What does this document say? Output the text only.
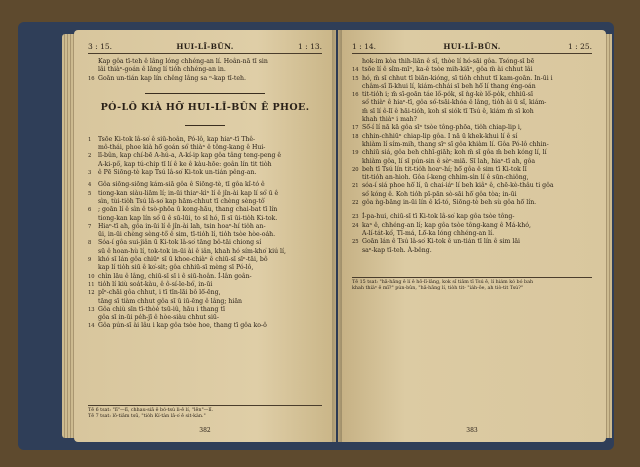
3 : 15.	HUI-LĪ-BÛN.	1 : 13.
Kap gôa tī-teh ê lâng lóng chhéng-an lí. Hoân-nā tī sin
lâi thiàⁿ-goán ê lâng lí tio̍h chhéng-an in.
16 Goān un-tián kap lín chêng lâng sa ⁿ-kap tī-teh.
PÓ-LÔ KIÀ HŌ͘ HUI-LĪ-BÛN Ê PHOE.
1 Tsōe Ki-tok lâ-so͘ ê siū-hoân, Pó-lô, kap hiaⁿ-tī Thê-
mô-thái, phoe kià hō͘ goán só͘ thiàⁿ ê tông-kang ê Hui-
2 lī-bûn, kap chí-bē A-hú-a, A-kí-ip kap gôa tâng teng-peng ê
A-ki-pô͘, kap tú-chip tī lí ê ke ê kàu-hōe: goân lín tit tiòh
3 ê Pē Siōng-tè kap Tsú lâ-so͘ Ki-tok un-tián pêng-an.
4 Gôa siōng-siōng kám-siā gôa ê Siōng-tè, tī gôa kî-tó ê
5 tiong-kan siàu-liām lí; in-ūi thiaⁿ-kìⁿ lí ê jîn-ài kap lí só͘ ū ê
sìn, tùi-tio̍h Tsú lâ-so͘ kap hām-chhut tī chèng sèng-tô͘
6 ; goān lí ê sìn ê tsò-phōa ū kong-hāu, thang chai-bat tī lín
tiong-kan kap lín só͘ ū ê sū-lūi, to sī hó, lī sī ūi-tio̍h Ki-tok.
7 Hiaⁿ-tī ah, gôa in-ūi lí ê jîn-ài lah, tsin hoaⁿ-hí tio̍h an-
ūi, in-ūi chèng sèng-tô͘ ê sim, tī-tio̍h lí, tio̍h tsòe hòe-oa̍h.
8 Sóa-í gôa sui-jiân ū Ki-tok lâ-so͘ tāng bô-tāi chiong sí
sū ê hoan-hù lí, tok-tok in-ūi ài ê iân, khah hó sím-kho͘ kiú lí,
9 khó sī lán gôa chiūⁿ sī ū khoe-chiàⁿ ê chiū-sī sīⁿ-tāi, bô
kap lí tio̍h siū ê ko͘-sit; gôa chhiū-sī mèng sī Pó-lô,
10 chìn lāu ê lâng, chiū-sī sī i ê siū-hoân. Í-lân goân-
11 tio̍h lí kiù soa̍t-kàu, ê ô-sí-le-bó͘, in-ūi
12 pîⁿ-chāi gôa chhut, i tī tīn-lāi bô lō͘-ēng,
tāng sī tiàm chhut gôa sī ū iū-ēng ê lâng; hiān
13 Gôa chiù sīn tī-thòe̍ tsū-iû, hāu i thang tī
gôa sī in-ūi pe̍h-jī ê hòe-siàu chhut siū-
14 Gôa pún-sī ài lâu i kap gôa tsòe hoe, thang tī gôa ko-ô
Tē 6 tsat: "lī"—lī, chhau-siā ê bó-tsú li-ê lí, "lēn"—lī.
Tē 7 tsat: lō-tiâm tsū, "tiòh Kí-tàn lâ-o͘ ê sit-kàn."
382
1 : 14.	HUI-LĪ-BÛN.	1 : 25.
hok-im kòa thih-liān ê sî, thòe lí hó-sāi gôa. Tsóng-sī bē
14 tsōe lí ê sîm-mīⁿ, ka-ê tsòe mih-kiāⁿ, gôa m̄ ài chhut lâi
15 hó, m̄ sī chhut tī biān-kióng, sī tio̍h chhut tī kam-goān. In-ūi i
châm-sî lī-khui lí, kiám-chhái sī beh hō͘ lí thang éng-oán
16 tit-tio̍h i; m̄ sī-goān táe lô͘-po̍k, sī ǹg-kè lô͘-po̍k, chhiū-sī
só͘ thiàⁿ ê hiaⁿ-tī, gôa só͘-tsāi-khóa ê lâng, tio̍h ài ū sî, kiám-
m̄ sī lí ê-lī ê hāi-tio̍h, koh sī siók tī Tsú ê, kiám m̄ sī koh
khah thiàⁿ i mah?
17 Sō͘-í lí nā kā gôa sīⁿ tsòe tông-phōa, tio̍h chiap-lip i,
18 chhin-chhiūⁿ chiap-lip gôa. I nā ū khek-khui lí ê sí
khiàm lí sím-mih, thang sīⁿ sī gôa khiàm lí. Gôa Pó-lô chhin-
19 chhiū siá, gôa beh chhī-giāh; koh m̄ sī gôa m̄ beh kóng lí, lí
khiàm gôa, lí sī pún-sin ê sèⁿ-miā. Sī lah, hiaⁿ-tī ah, gôa
20 beh tī Tsú lín tit-tio̍h hoaⁿ-hí; hō͘ gôa ê sim tī Ki-tok lī
tit-tio̍h an-hioh. Gôa í-keng chhim-sìn lí ê sūn-chiông,
21 sóa-í siá phoe hō͘ lí, ū chai-iáⁿ lí beh kiâⁿ ê, chē-kè-thâu ti gôa
só͘ kóng ê. Koh tio̍h pī-pān sò-sāi hō͘ gôa tòa; in-ūi
22 gôa ǹg-bāng in-ūi lín ê kî-tó, Siōng-tè beh sù gôa hō͘ lín.
23 Í-pa-hui, chiū-sī tī Ki-tok lâ-so͘ kap gôa tsòe tông-
24 kaⁿ ê, chhéng-an lí; kap gôa tsòe tông-kang ê Má-khó,
A-lí-tát-kó͘, Tī-má, Lō͘-ka lóng chhéng-an lí.
25 Goān lán ê Tsú lâ-so͘ Ki-tok ê un-tián tī lín ê sim lāi
saⁿ-kap tī-teh. À-bêng.
Tē 15 tsat: "hā-hāng ê lí ê hō-lî-lāng, kok sî tiâm tī Tsú ê, lí hiám kó bó bah
khah thiàⁿ ê mī?" pún-bûn, "hā-hāng lí, tio̍h tit- "iáh-ōe, ah tiò-tit Tsú?"
383
